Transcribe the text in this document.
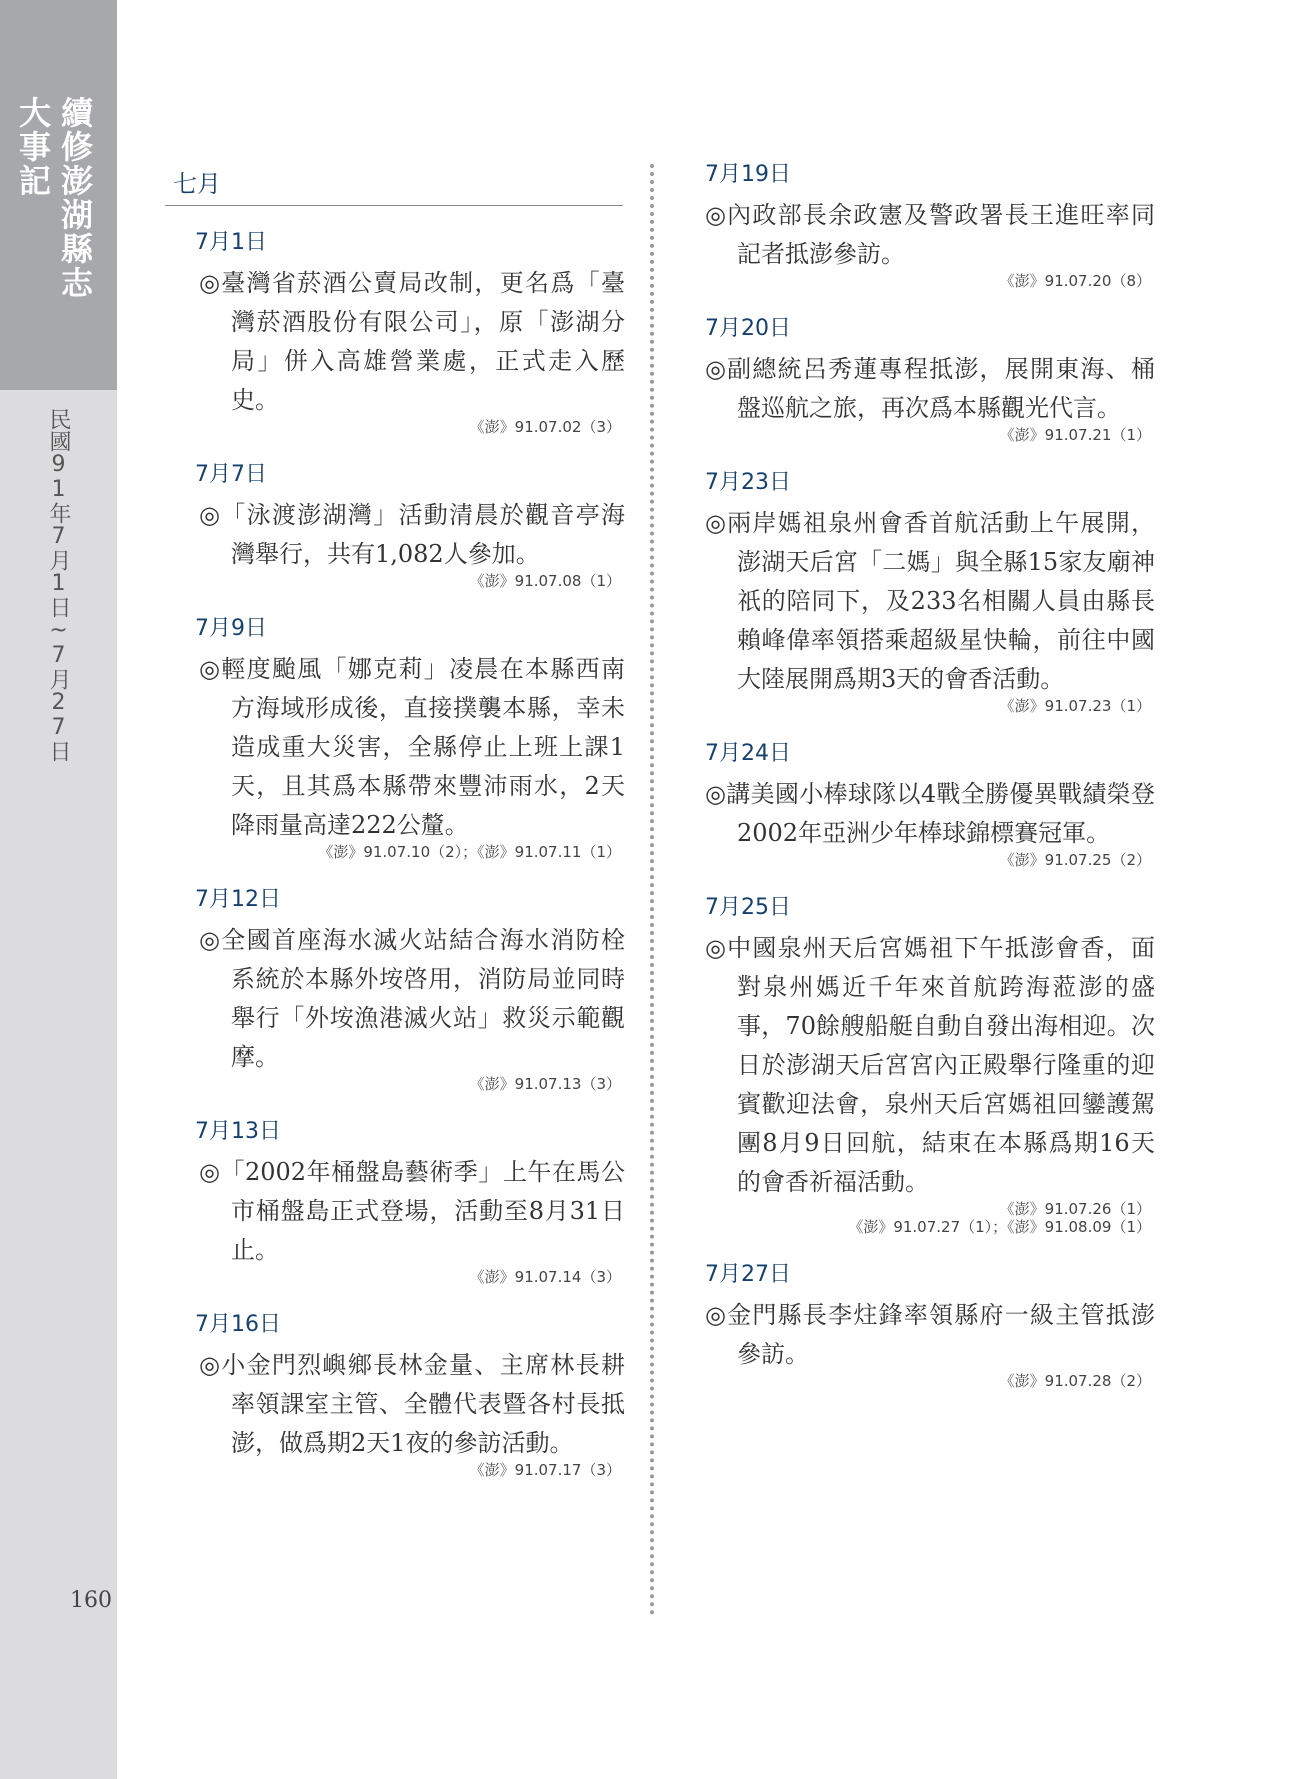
續修澎湖縣志
大事記
民國91年7月1日~7月27日
160
七月
7月1日
◎臺灣省菸酒公賣局改制，更名爲「臺灣菸酒股份有限公司」，原「澎湖分局」併入高雄營業處，正式走入歷史。
《澎》91.07.02（3）
7月7日
◎「泳渡澎湖灣」活動清晨於觀音亭海灣舉行，共有1,082人參加。
《澎》91.07.08（1）
7月9日
◎輕度颱風「娜克莉」凌晨在本縣西南方海域形成後，直接撲襲本縣，幸未造成重大災害，全縣停止上班上課1天，且其爲本縣帶來豐沛雨水，2天降雨量高達222公釐。
《澎》91.07.10（2）；《澎》91.07.11（1）
7月12日
◎全國首座海水滅火站結合海水消防栓系統於本縣外垵啓用，消防局並同時舉行「外垵漁港滅火站」救災示範觀摩。
《澎》91.07.13（3）
7月13日
◎「2002年桶盤島藝術季」上午在馬公市桶盤島正式登場，活動至8月31日止。
《澎》91.07.14（3）
7月16日
◎小金門烈嶼鄉長林金量、主席林長耕率領課室主管、全體代表暨各村長抵澎，做爲期2天1夜的參訪活動。
《澎》91.07.17（3）
7月19日
◎內政部長余政憲及警政署長王進旺率同記者抵澎參訪。
《澎》91.07.20（8）
7月20日
◎副總統呂秀蓮專程抵澎，展開東海、桶盤巡航之旅，再次爲本縣觀光代言。
《澎》91.07.21（1）
7月23日
◎兩岸媽祖泉州會香首航活動上午展開，澎湖天后宮「二媽」與全縣15家友廟神祇的陪同下，及233名相關人員由縣長賴峰偉率領搭乘超級星快輪，前往中國大陸展開爲期3天的會香活動。
《澎》91.07.23（1）
7月24日
◎講美國小棒球隊以4戰全勝優異戰績榮登2002年亞洲少年棒球錦標賽冠軍。
《澎》91.07.25（2）
7月25日
◎中國泉州天后宮媽祖下午抵澎會香，面對泉州媽近千年來首航跨海蒞澎的盛事，70餘艘船艇自動自發出海相迎。次日於澎湖天后宮宮內正殿舉行隆重的迎賓歡迎法會，泉州天后宮媽祖回鑾護駕團8月9日回航，結束在本縣爲期16天的會香祈福活動。
《澎》91.07.26（1）
《澎》91.07.27（1）；《澎》91.08.09（1）
7月27日
◎金門縣長李炷鋒率領縣府一級主管抵澎參訪。
《澎》91.07.28（2）
